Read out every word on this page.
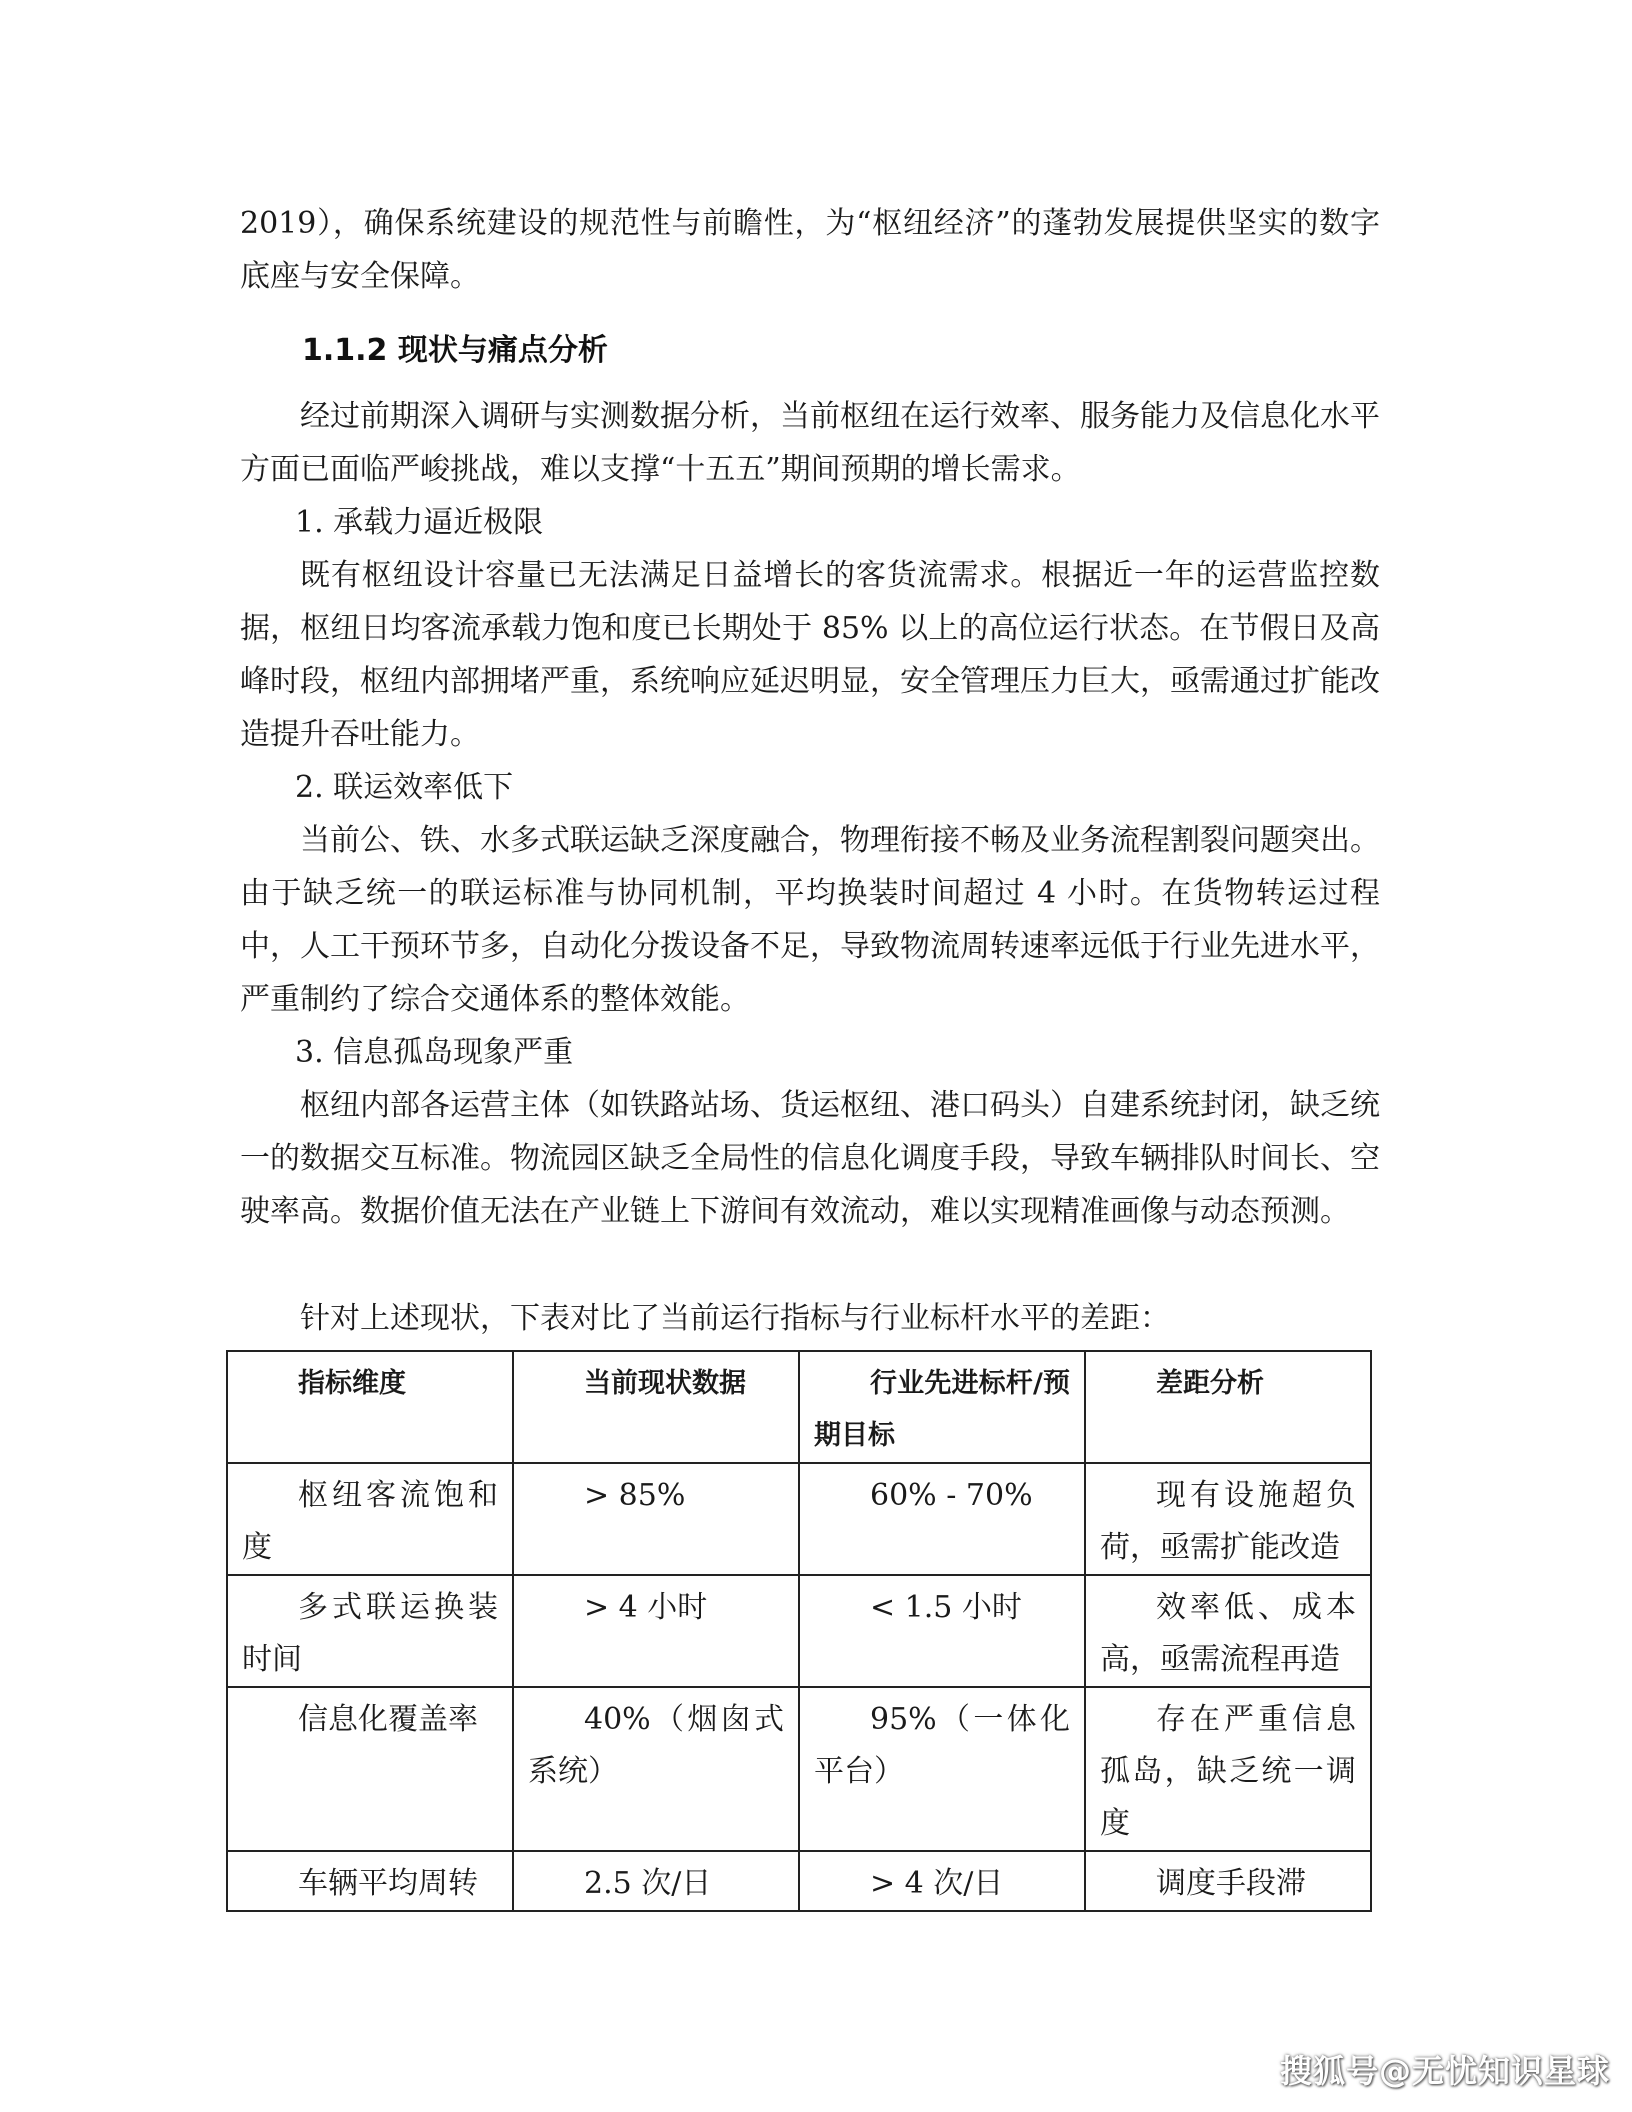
2019），确保系统建设的规范性与前瞻性，为“枢纽经济”的蓬勃发展提供坚实的数字底座与安全保障。

1.1.2 现状与痛点分析

经过前期深入调研与实测数据分析，当前枢纽在运行效率、服务能力及信息化水平方面已面临严峻挑战，难以支撑“十五五”期间预期的增长需求。

1. 承载力逼近极限

既有枢纽设计容量已无法满足日益增长的客货流需求。根据近一年的运营监控数据，枢纽日均客流承载力饱和度已长期处于 85% 以上的高位运行状态。在节假日及高峰时段，枢纽内部拥堵严重，系统响应延迟明显，安全管理压力巨大，亟需通过扩能改造提升吞吐能力。

2. 联运效率低下

当前公、铁、水多式联运缺乏深度融合，物理衔接不畅及业务流程割裂问题突出。由于缺乏统一的联运标准与协同机制，平均换装时间超过 4 小时。在货物转运过程中，人工干预环节多，自动化分拨设备不足，导致物流周转速率远低于行业先进水平，严重制约了综合交通体系的整体效能。

3. 信息孤岛现象严重

枢纽内部各运营主体（如铁路站场、货运枢纽、港口码头）自建系统封闭，缺乏统一的数据交互标准。物流园区缺乏全局性的信息化调度手段，导致车辆排队时间长、空驶率高。数据价值无法在产业链上下游间有效流动，难以实现精准画像与动态预测。

针对上述现状，下表对比了当前运行指标与行业标杆水平的差距：

指标维度	当前现状数据	行业先进标杆/预期目标	差距分析
枢纽客流饱和度	> 85%	60% - 70%	现有设施超负荷，亟需扩能改造
多式联运换装时间	> 4 小时	< 1.5 小时	效率低、成本高，亟需流程再造
信息化覆盖率	40%（烟囱式系统）	95%（一体化平台）	存在严重信息孤岛，缺乏统一调度
车辆平均周转	2.5 次/日	> 4 次/日	调度手段滞
搜狐号@无忧知识星球
